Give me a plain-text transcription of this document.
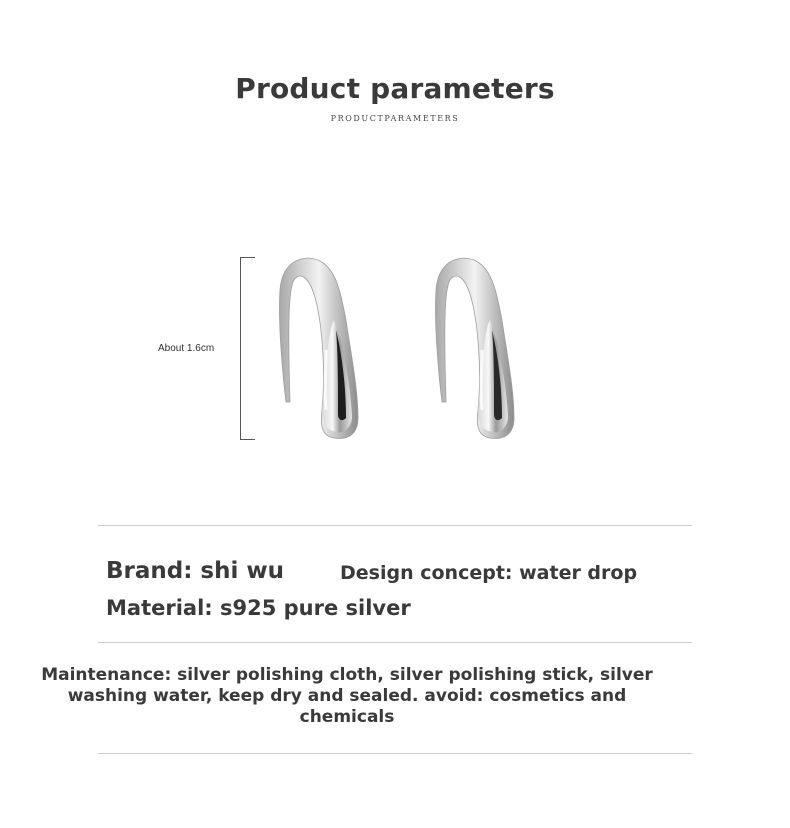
Product parameters
PRODUCTPARAMETERS
About 1.6cm
Brand: shi wu	Design concept: water drop
Material: s925 pure silver
Maintenance: silver polishing cloth, silver polishing stick, silver washing water, keep dry and sealed. avoid: cosmetics and chemicals
